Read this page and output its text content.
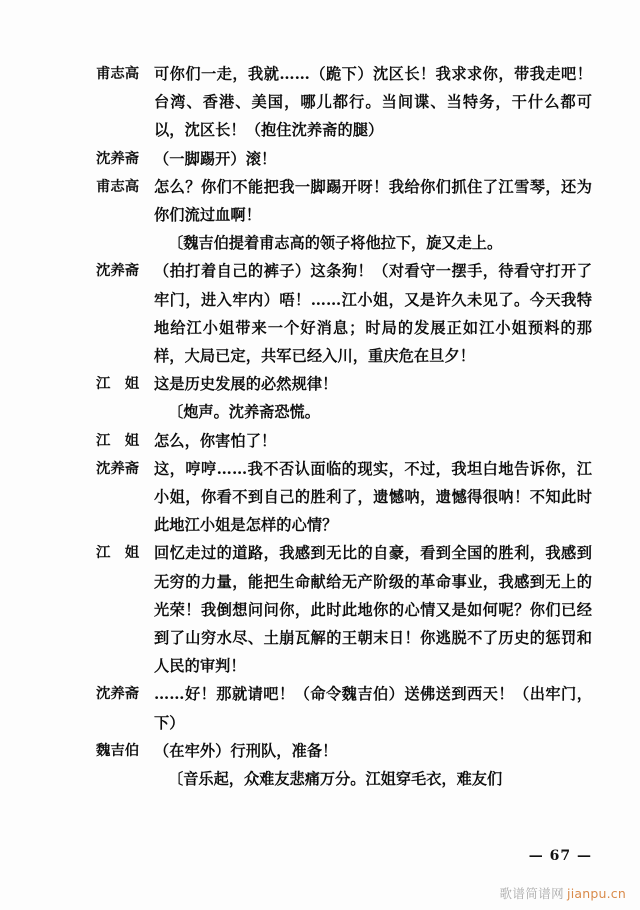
甫志高 可你们一走，我就……（跪下）沈区长！我求求你，带我走吧！台湾、香港、美国，哪儿都行。当间谍、当特务，干什么都可以，沈区长！（抱住沈养斋的腿）
沈养斋 （一脚踢开）滚！
甫志高 怎么？你们不能把我一脚踢开呀！我给你们抓住了江雪琴，还为你们流过血啊！
〔魏吉伯提着甫志高的领子将他拉下，旋又走上。
沈养斋 （拍打着自己的裤子）这条狗！（对看守一摆手，待看守打开了牢门，进入牢内）唔！……江小姐，又是许久未见了。今天我特地给江小姐带来一个好消息；时局的发展正如江小姐预料的那样，大局已定，共军已经入川，重庆危在旦夕！
江　姐 这是历史发展的必然规律！
〔炮声。沈养斋恐慌。
江　姐 怎么，你害怕了！
沈养斋 这，哼哼……我不否认面临的现实，不过，我坦白地告诉你，江小姐，你看不到自己的胜利了，遗憾呐，遗憾得很呐！不知此时此地江小姐是怎样的心情？
江　姐 回忆走过的道路，我感到无比的自豪，看到全国的胜利，我感到无穷的力量，能把生命献给无产阶级的革命事业，我感到无上的光荣！我倒想问问你，此时此地你的心情又是如何呢？你们已经到了山穷水尽、土崩瓦解的王朝末日！你逃脱不了历史的惩罚和人民的审判！
沈养斋 ……好！那就请吧！（命令魏吉伯）送佛送到西天！（出牢门，下）
魏吉伯 （在牢外）行刑队，准备！
〔音乐起，众难友悲痛万分。江姐穿毛衣，难友们
— 67 —
歌谱简谱网 jianpu.cn
